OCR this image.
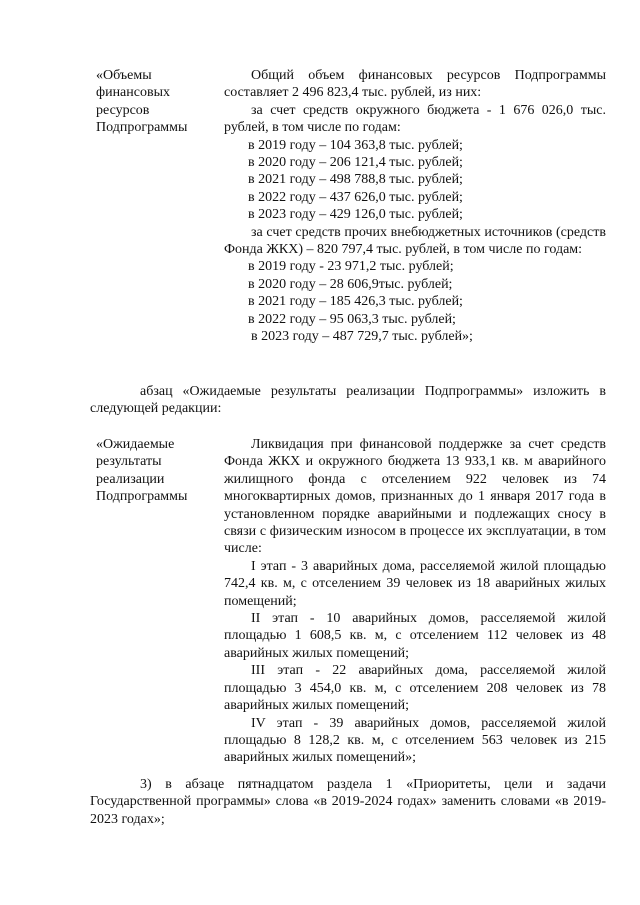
«Объемы
финансовых
ресурсов
Подпрограммы

Общий объем финансовых ресурсов Подпрограммы составляет 2 496 823,4 тыс. рублей, из них:

за счет средств окружного бюджета - 1 676 026,0 тыс. рублей, в том числе по годам:

в 2019 году – 104 363,8 тыс. рублей;

в 2020 году – 206 121,4 тыс. рублей;

в 2021 году – 498 788,8 тыс. рублей;

в 2022 году – 437 626,0 тыс. рублей;

в 2023 году – 429 126,0 тыс. рублей;

за счет средств прочих внебюджетных источников (средств Фонда ЖКХ) – 820 797,4 тыс. рублей, в том числе по годам:

в 2019 году - 23 971,2 тыс. рублей;

в 2020 году – 28 606,9тыс. рублей;

в 2021 году – 185 426,3 тыс. рублей;

в 2022 году – 95 063,3 тыс. рублей;

в 2023 году – 487 729,7 тыс. рублей»;

абзац «Ожидаемые результаты реализации Подпрограммы» изложить в следующей редакции:

«Ожидаемые
результаты
реализации
Подпрограммы

Ликвидация при финансовой поддержке за счет средств Фонда ЖКХ и окружного бюджета 13 933,1 кв. м аварийного жилищного фонда с отселением 922 человек из 74 многоквартирных домов, признанных до 1 января 2017 года в установленном порядке аварийными и подлежащих сносу в связи с физическим износом в процессе их эксплуатации, в том числе:

I этап - 3 аварийных дома, расселяемой жилой площадью 742,4 кв. м, с отселением 39 человек из 18 аварийных жилых помещений;

II этап - 10 аварийных домов, расселяемой жилой площадью 1 608,5 кв. м, с отселением 112 человек из 48 аварийных жилых помещений;

III этап - 22 аварийных дома, расселяемой жилой площадью 3 454,0 кв. м, с отселением 208 человек из 78 аварийных жилых помещений;

IV этап - 39 аварийных домов, расселяемой жилой площадью 8 128,2 кв. м, с отселением 563 человек из 215 аварийных жилых помещений»;

3) в абзаце пятнадцатом раздела 1 «Приоритеты, цели и задачи Государственной программы» слова «в 2019-2024 годах» заменить словами «в 2019-2023 годах»;
